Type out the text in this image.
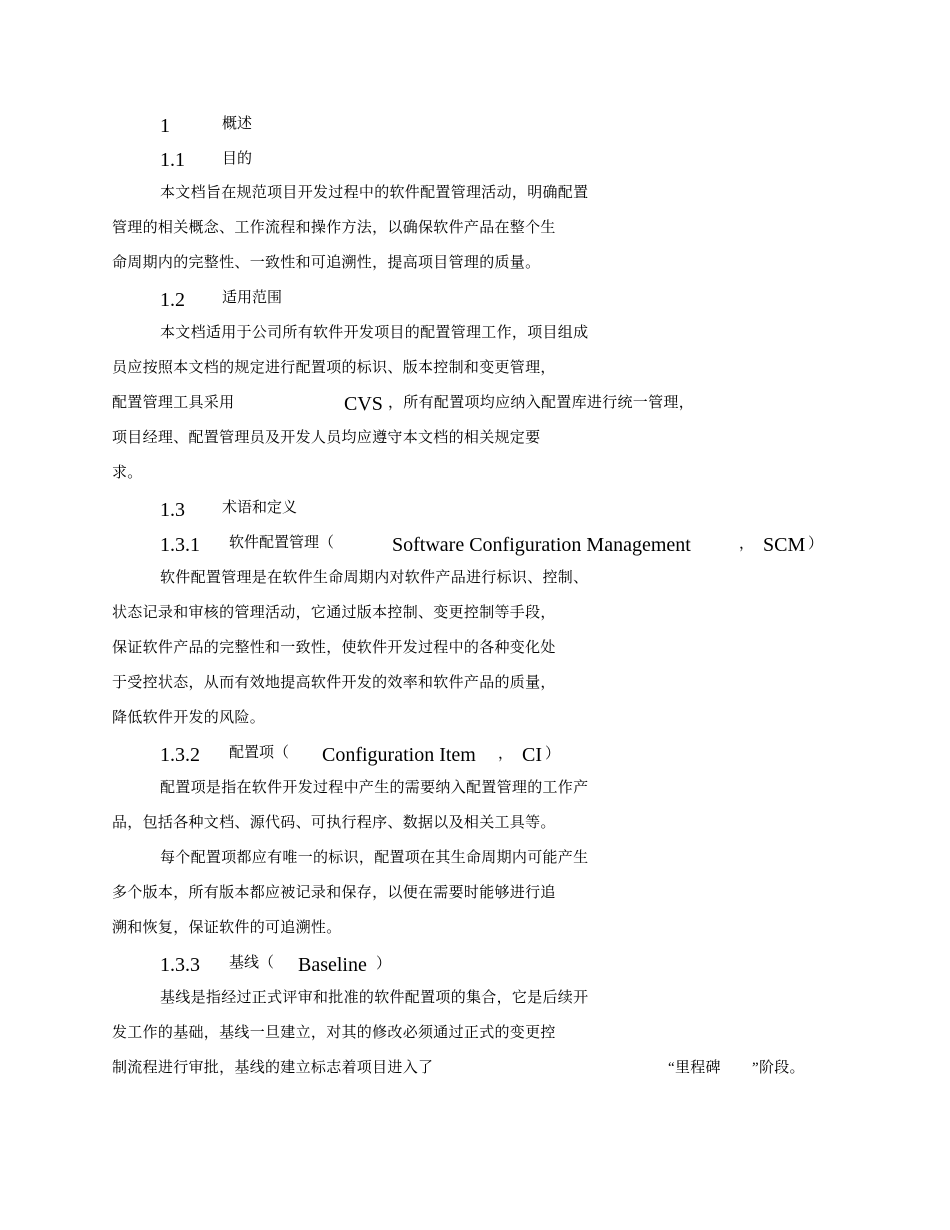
1	概述
1.1 目的
本文档旨在规范项目开发过程中的软件配置管理活动，明确配置
管理的相关概念、工作流程和操作方法，以确保软件产品在整个生
命周期内的完整性、一致性和可追溯性，提高项目管理的质量。
1.2 适用范围
本文档适用于公司所有软件开发项目的配置管理工作，项目组成
员应按照本文档的规定进行配置项的标识、版本控制和变更管理，
配置管理工具采用	CVS ，所有配置项均应纳入配置库进行统一管理，
项目经理、配置管理员及开发人员均应遵守本文档的相关规定要
求。
1.3 术语和定义
1.3.1 软件配置管理（	Software Configuration Management	， SCM ）
软件配置管理是在软件生命周期内对软件产品进行标识、控制、
状态记录和审核的管理活动，它通过版本控制、变更控制等手段，
保证软件产品的完整性和一致性，使软件开发过程中的各种变化处
于受控状态，从而有效地提高软件开发的效率和软件产品的质量，
降低软件开发的风险。
1.3.2 配置项（ Configuration Item ， CI ）
配置项是指在软件开发过程中产生的需要纳入配置管理的工作产
品，包括各种文档、源代码、可执行程序、数据以及相关工具等。
每个配置项都应有唯一的标识，配置项在其生命周期内可能产生
多个版本，所有版本都应被记录和保存，以便在需要时能够进行追
溯和恢复，保证软件的可追溯性。
1.3.3 基线（ Baseline ）
基线是指经过正式评审和批准的软件配置项的集合，它是后续开
发工作的基础，基线一旦建立，对其的修改必须通过正式的变更控
制流程进行审批，基线的建立标志着项目进入了	“里程碑 ”阶段。
